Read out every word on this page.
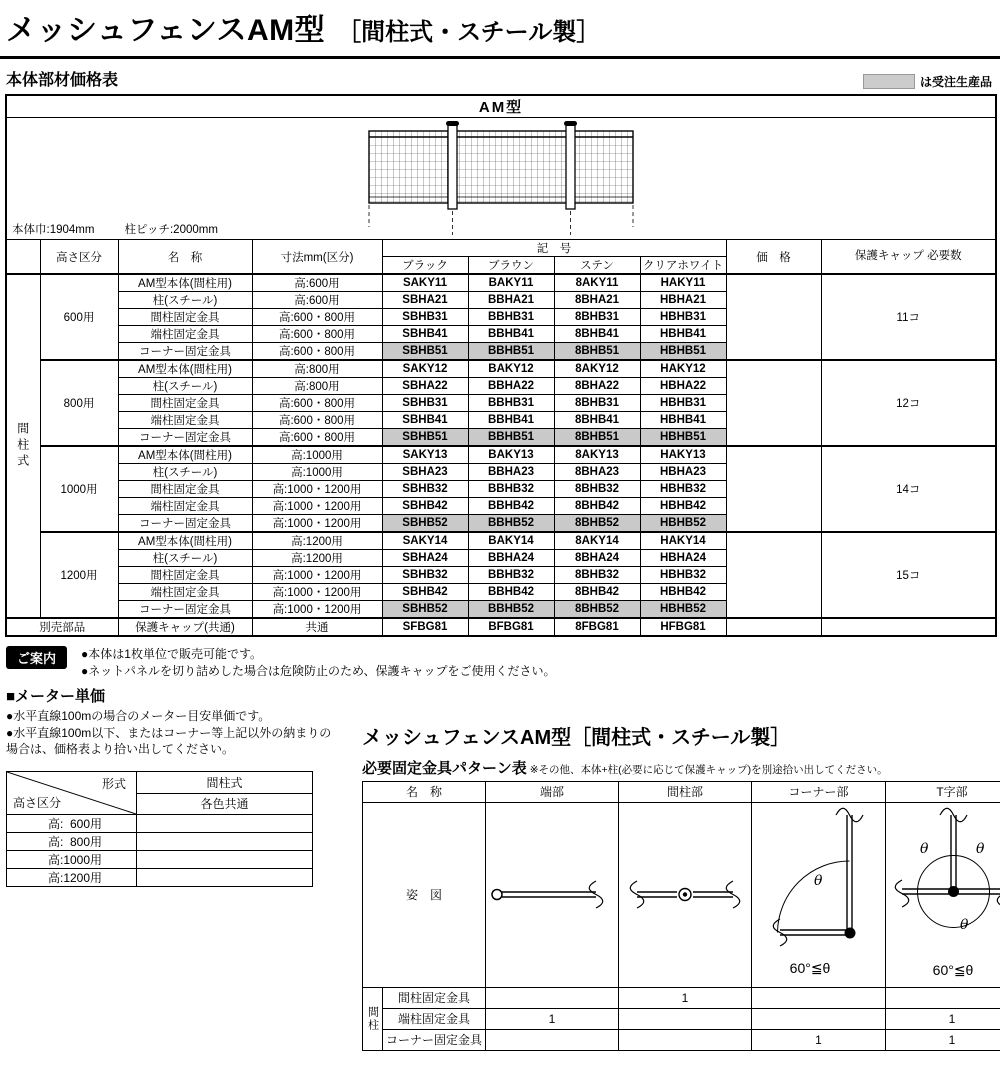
メッシュフェンスAM型 ［間柱式・スチール製］
本体部材価格表	は受注生産品
AM型									

本体巾:1904mm 柱ピッチ:2000mm									

	高さ区分	名　称	寸法mm(区分)	記　号				価　格	保護キャップ 必要数
				ブラック	ブラウン	ステン	クリアホワイト		
間柱式	600用	AM型本体(間柱用)	高:600用	SAKY11	BAKY11	8AKY11	HAKY11		11コ
		柱(スチール)	高:600用	SBHA21	BBHA21	8BHA21	HBHA21		
		間柱固定金具	高:600・800用	SBHB31	BBHB31	8BHB31	HBHB31		
		端柱固定金具	高:600・800用	SBHB41	BBHB41	8BHB41	HBHB41		
		コーナー固定金具	高:600・800用	SBHB51	BBHB51	8BHB51	HBHB51		
	800用	AM型本体(間柱用)	高:800用	SAKY12	BAKY12	8AKY12	HAKY12		12コ
		柱(スチール)	高:800用	SBHA22	BBHA22	8BHA22	HBHA22		
		間柱固定金具	高:600・800用	SBHB31	BBHB31	8BHB31	HBHB31		
		端柱固定金具	高:600・800用	SBHB41	BBHB41	8BHB41	HBHB41		
		コーナー固定金具	高:600・800用	SBHB51	BBHB51	8BHB51	HBHB51		
	1000用	AM型本体(間柱用)	高:1000用	SAKY13	BAKY13	8AKY13	HAKY13		14コ
		柱(スチール)	高:1000用	SBHA23	BBHA23	8BHA23	HBHA23		
		間柱固定金具	高:1000・1200用	SBHB32	BBHB32	8BHB32	HBHB32		
		端柱固定金具	高:1000・1200用	SBHB42	BBHB42	8BHB42	HBHB42		
		コーナー固定金具	高:1000・1200用	SBHB52	BBHB52	8BHB52	HBHB52		
	1200用	AM型本体(間柱用)	高:1200用	SAKY14	BAKY14	8AKY14	HAKY14		15コ
		柱(スチール)	高:1200用	SBHA24	BBHA24	8BHA24	HBHA24		
		間柱固定金具	高:1000・1200用	SBHB32	BBHB32	8BHB32	HBHB32		
		端柱固定金具	高:1000・1200用	SBHB42	BBHB42	8BHB42	HBHB42		
		コーナー固定金具	高:1000・1200用	SBHB52	BBHB52	8BHB52	HBHB52		
別売部品		保護キャップ(共通)	共通	SFBG81	BFBG81	8FBG81	HFBG81		
ご案内	●本体は1枚単位で販売可能です。
●ネットパネルを切り詰めした場合は危険防止のため、保護キャップをご使用ください。
■メーター単価
●水平直線100mの場合のメーター目安単価です。
●水平直線100m以下、またはコーナー等上記以外の納まりの場合は、価格表より拾い出してください。
形式
高さ区分	間柱式
	各色共通
高:  600用	
高:  800用	
高:1000用	
高:1200用	
メッシュフェンスAM型［間柱式・スチール製］
必要固定金具パターン表 ※その他、本体+柱(必要に応じて保護キャップ)を別途拾い出してください。
名　称		端部	間柱部	コーナー部	T字部
姿　図				θ
60°≦θ	θ θ
θ
60°≦θ

間柱	間柱固定金具		1		
	端柱固定金具	1			1
	コーナー固定金具			1	1
